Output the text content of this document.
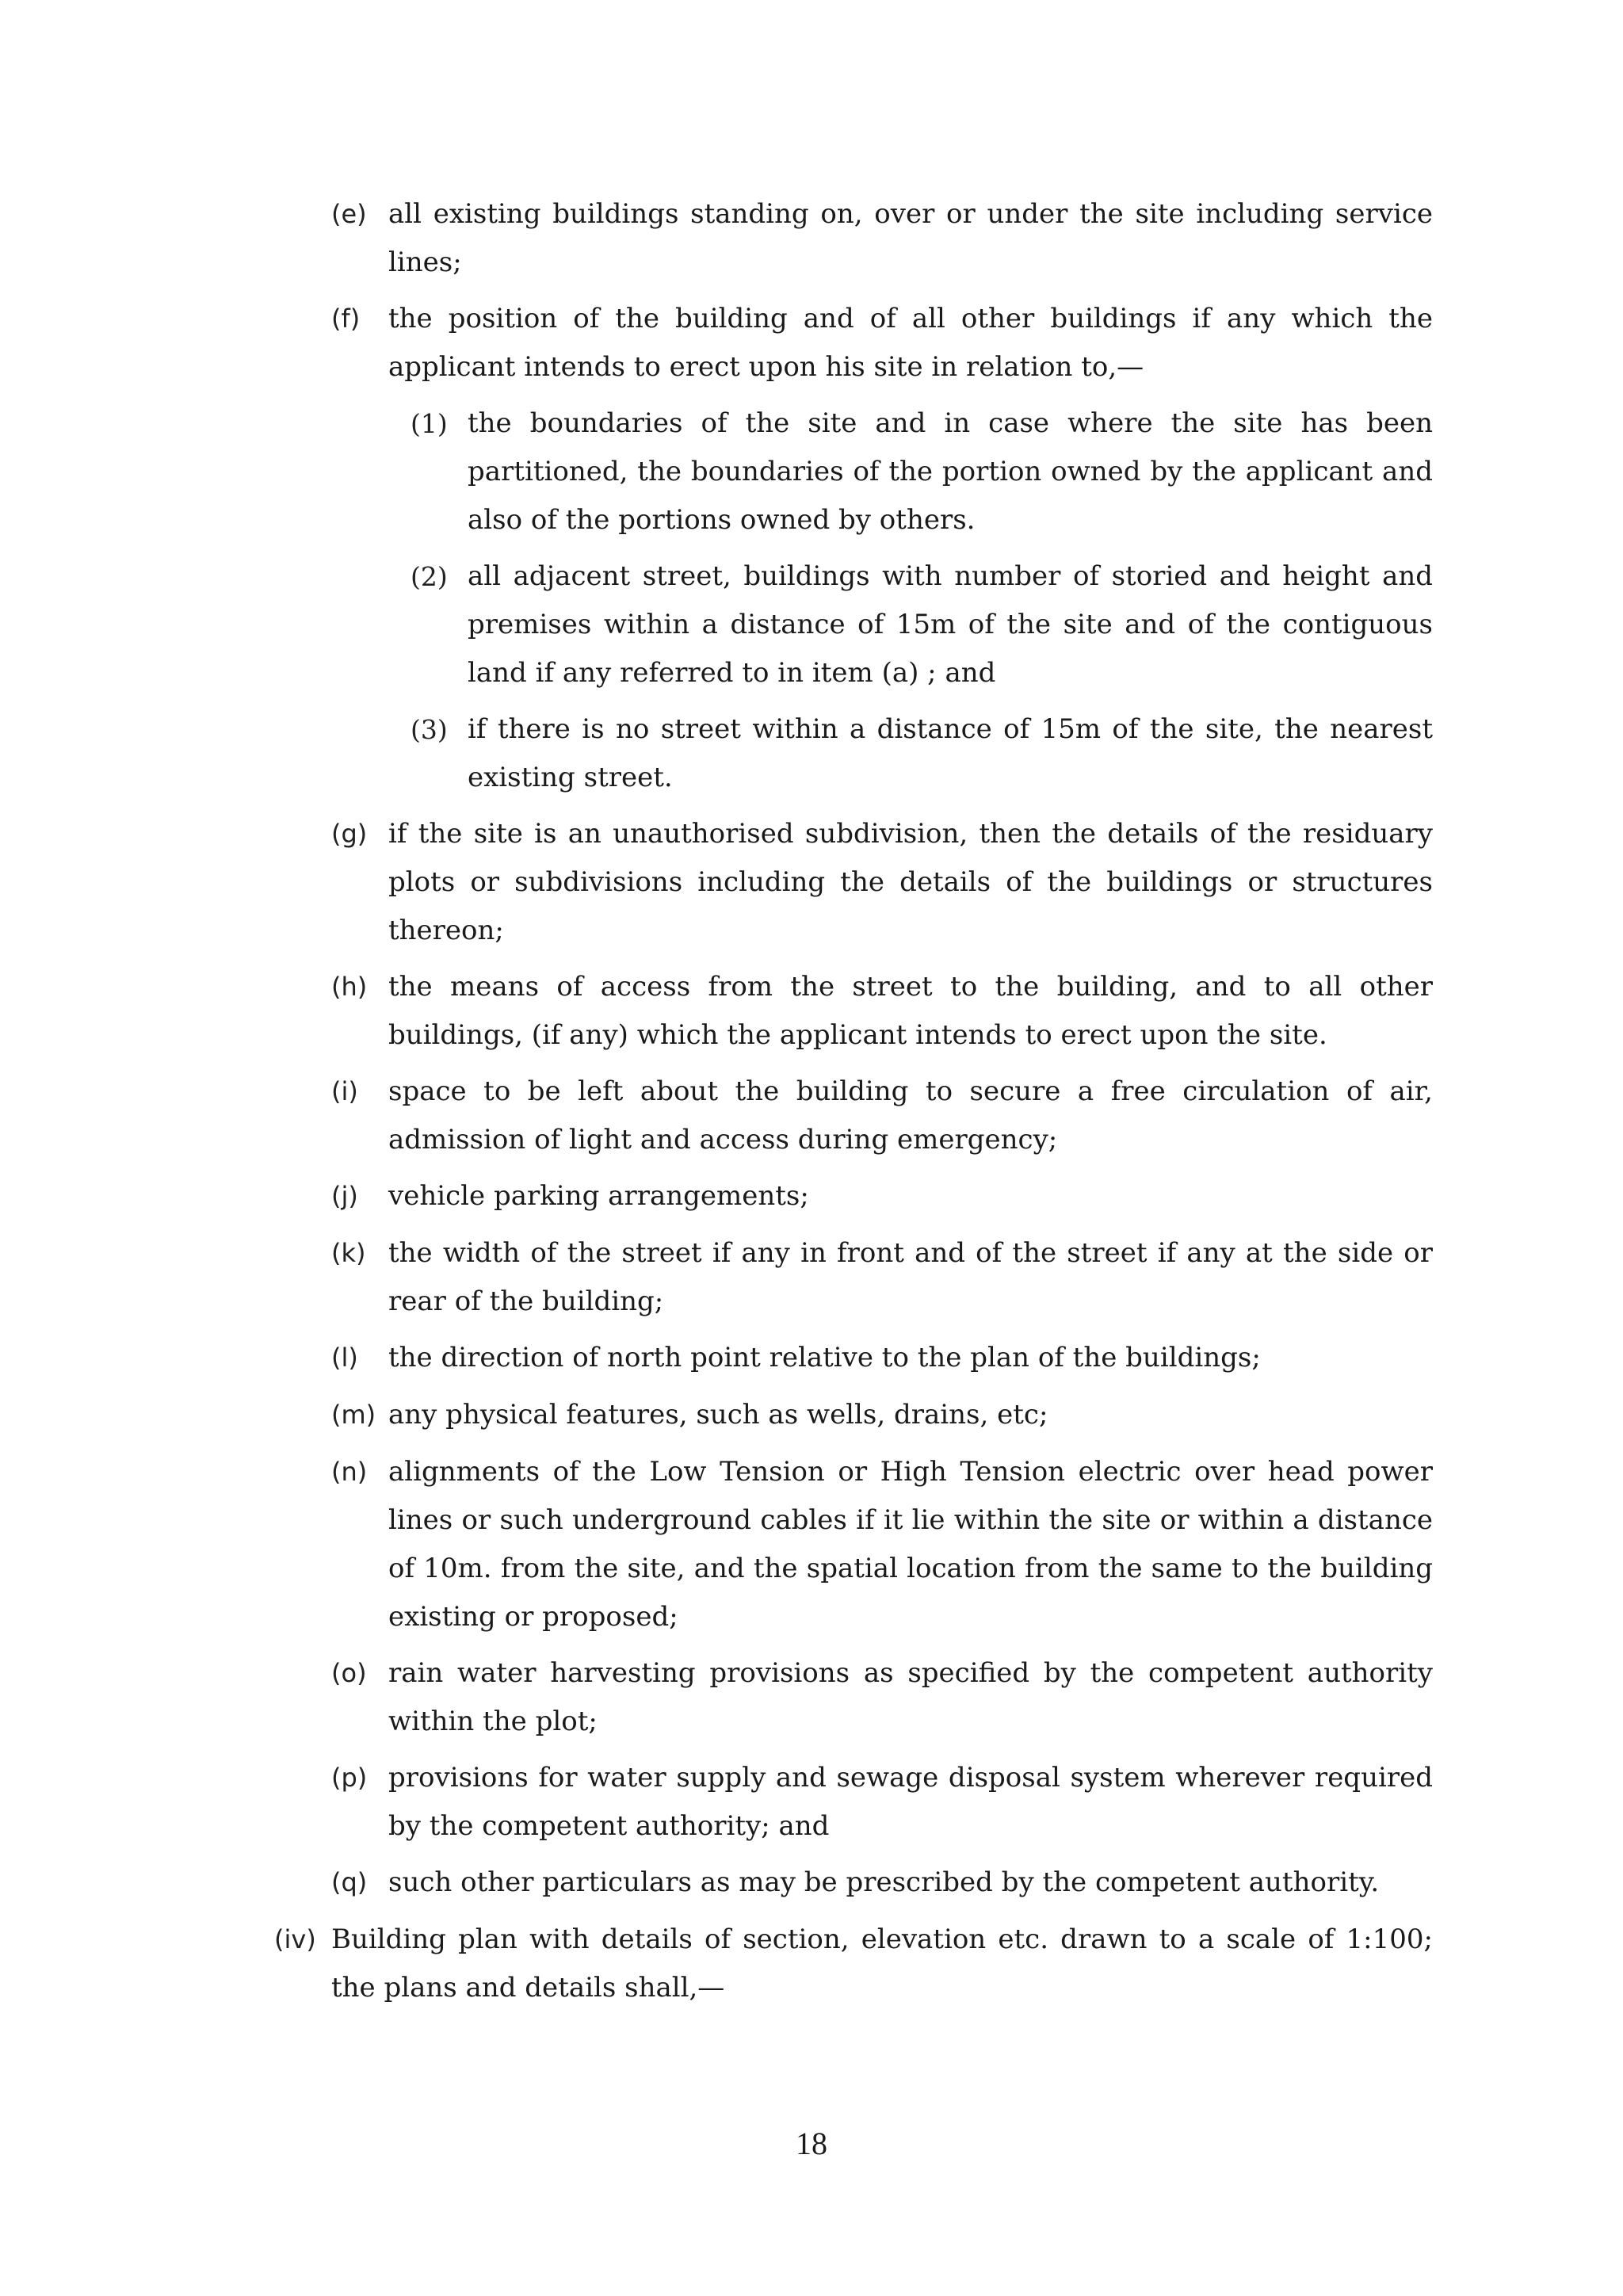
(e) all existing buildings standing on, over or under the site including service lines;
(f) the position of the building and of all other buildings if any which the applicant intends to erect upon his site in relation to,—
(1) the boundaries of the site and in case where the site has been partitioned, the boundaries of the portion owned by the applicant and also of the portions owned by others.
(2) all adjacent street, buildings with number of storied and height and premises within a distance of 15m of the site and of the contiguous land if any referred to in item (a) ; and
(3) if there is no street within a distance of 15m of the site, the nearest existing street.
(g) if the site is an unauthorised subdivision, then the details of the residuary plots or subdivisions including the details of the buildings or structures thereon;
(h) the means of access from the street to the building, and to all other buildings, (if any) which the applicant intends to erect upon the site.
(i) space to be left about the building to secure a free circulation of air, admission of light and access during emergency;
(j) vehicle parking arrangements;
(k) the width of the street if any in front and of the street if any at the side or rear of the building;
(l) the direction of north point relative to the plan of the buildings;
(m) any physical features, such as wells, drains, etc;
(n) alignments of the Low Tension or High Tension electric over head power lines or such underground cables if it lie within the site or within a distance of 10m. from the site, and the spatial location from the same to the building existing or proposed;
(o) rain water harvesting provisions as specified by the competent authority within the plot;
(p) provisions for water supply and sewage disposal system wherever required by the competent authority; and
(q) such other particulars as may be prescribed by the competent authority.
(iv) Building plan with details of section, elevation etc. drawn to a scale of 1:100; the plans and details shall,—
18
